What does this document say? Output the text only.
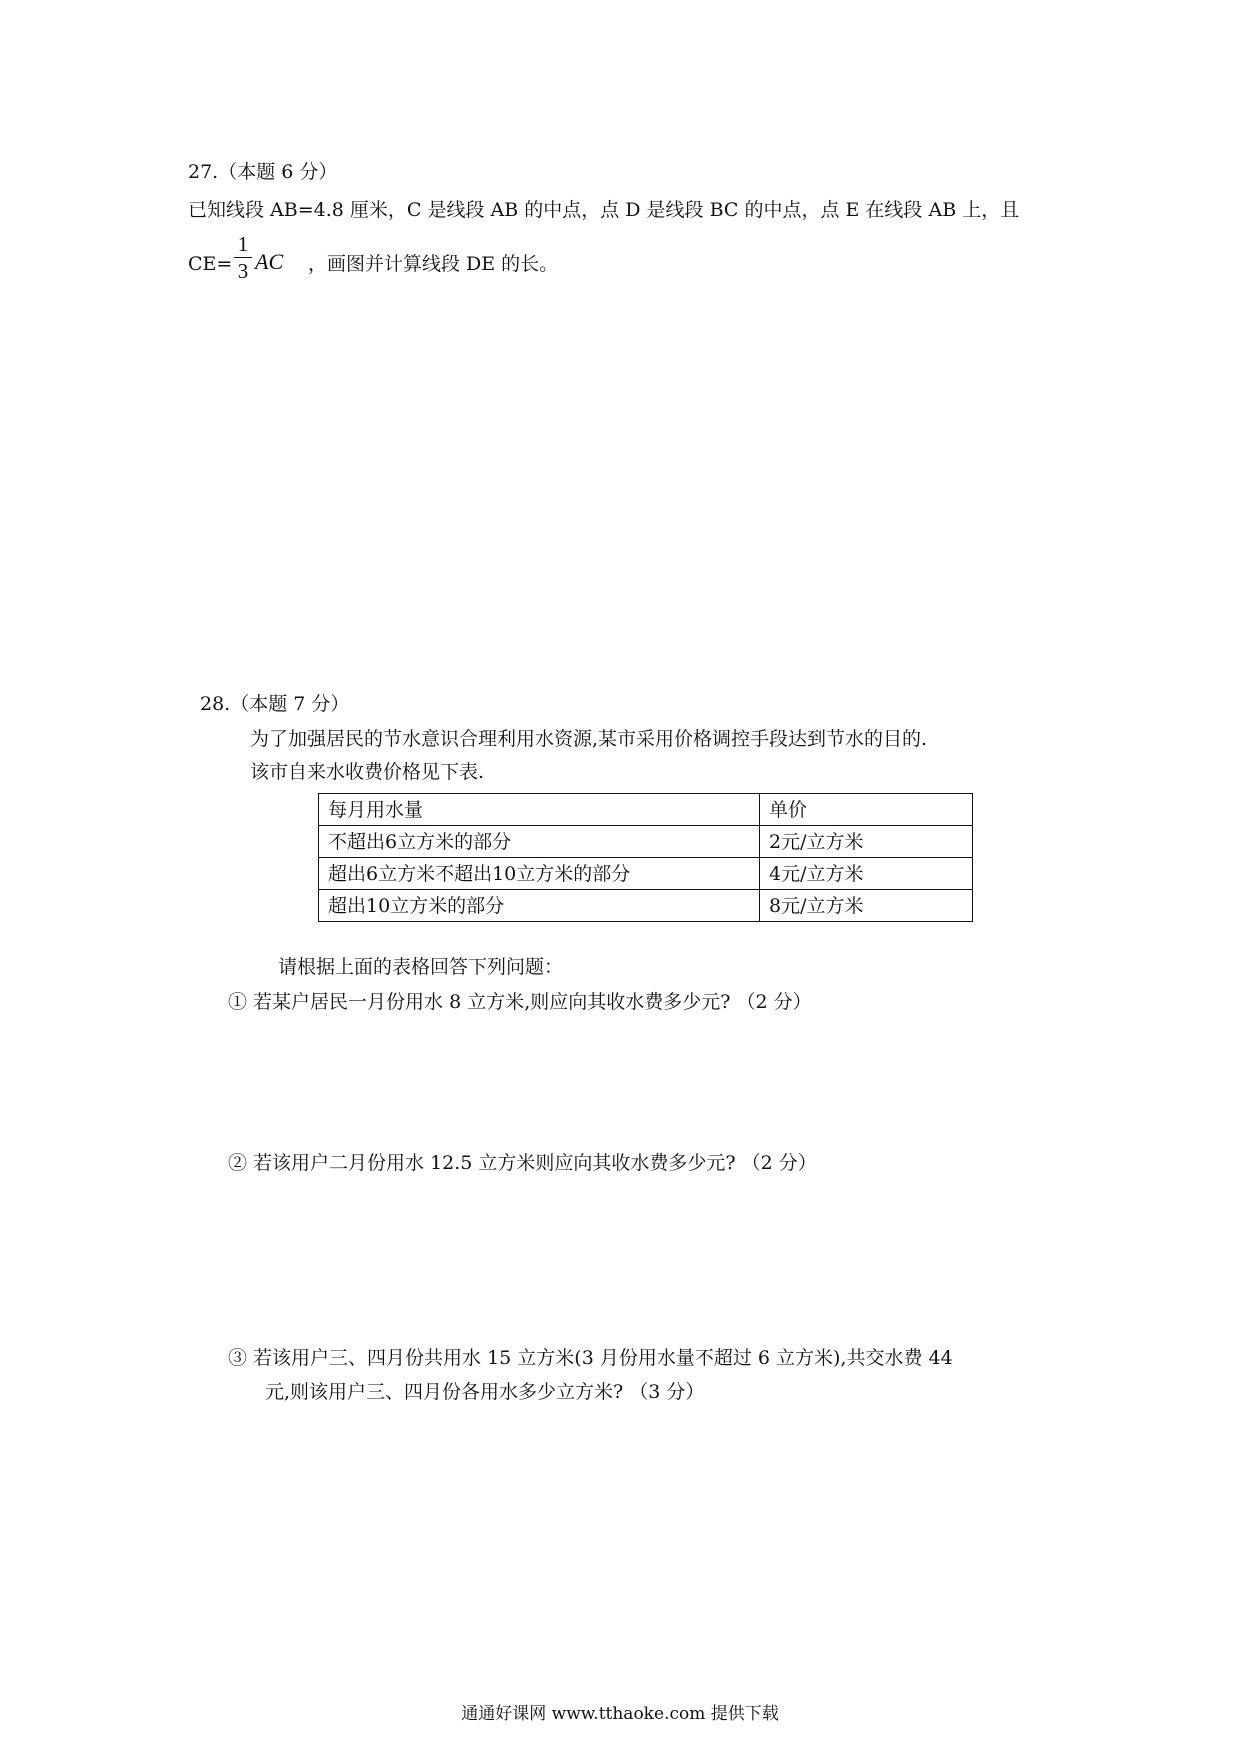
27.（本题 6 分）
已知线段 AB=4.8 厘米，C 是线段 AB 的中点，点 D 是线段 BC 的中点，点 E 在线段 AB 上，且
CE=
1
3 AC ，画图并计算线段 DE 的长。
28.（本题 7 分）
为了加强居民的节水意识合理利用水资源,某市采用价格调控手段达到节水的目的.
该市自来水收费价格见下表.
每月用水量	单价
不超出6立方米的部分	2元/立方米
超出6立方米不超出10立方米的部分	4元/立方米
超出10立方米的部分	8元/立方米
请根据上面的表格回答下列问题：
① 若某户居民一月份用水 8 立方米,则应向其收水费多少元? （2 分）
② 若该用户二月份用水 12.5 立方米则应向其收水费多少元? （2 分）
③ 若该用户三、四月份共用水 15 立方米(3 月份用水量不超过 6 立方米),共交水费 44
元,则该用户三、四月份各用水多少立方米? （3 分）
通通好课网 www.tthaoke.com 提供下载
